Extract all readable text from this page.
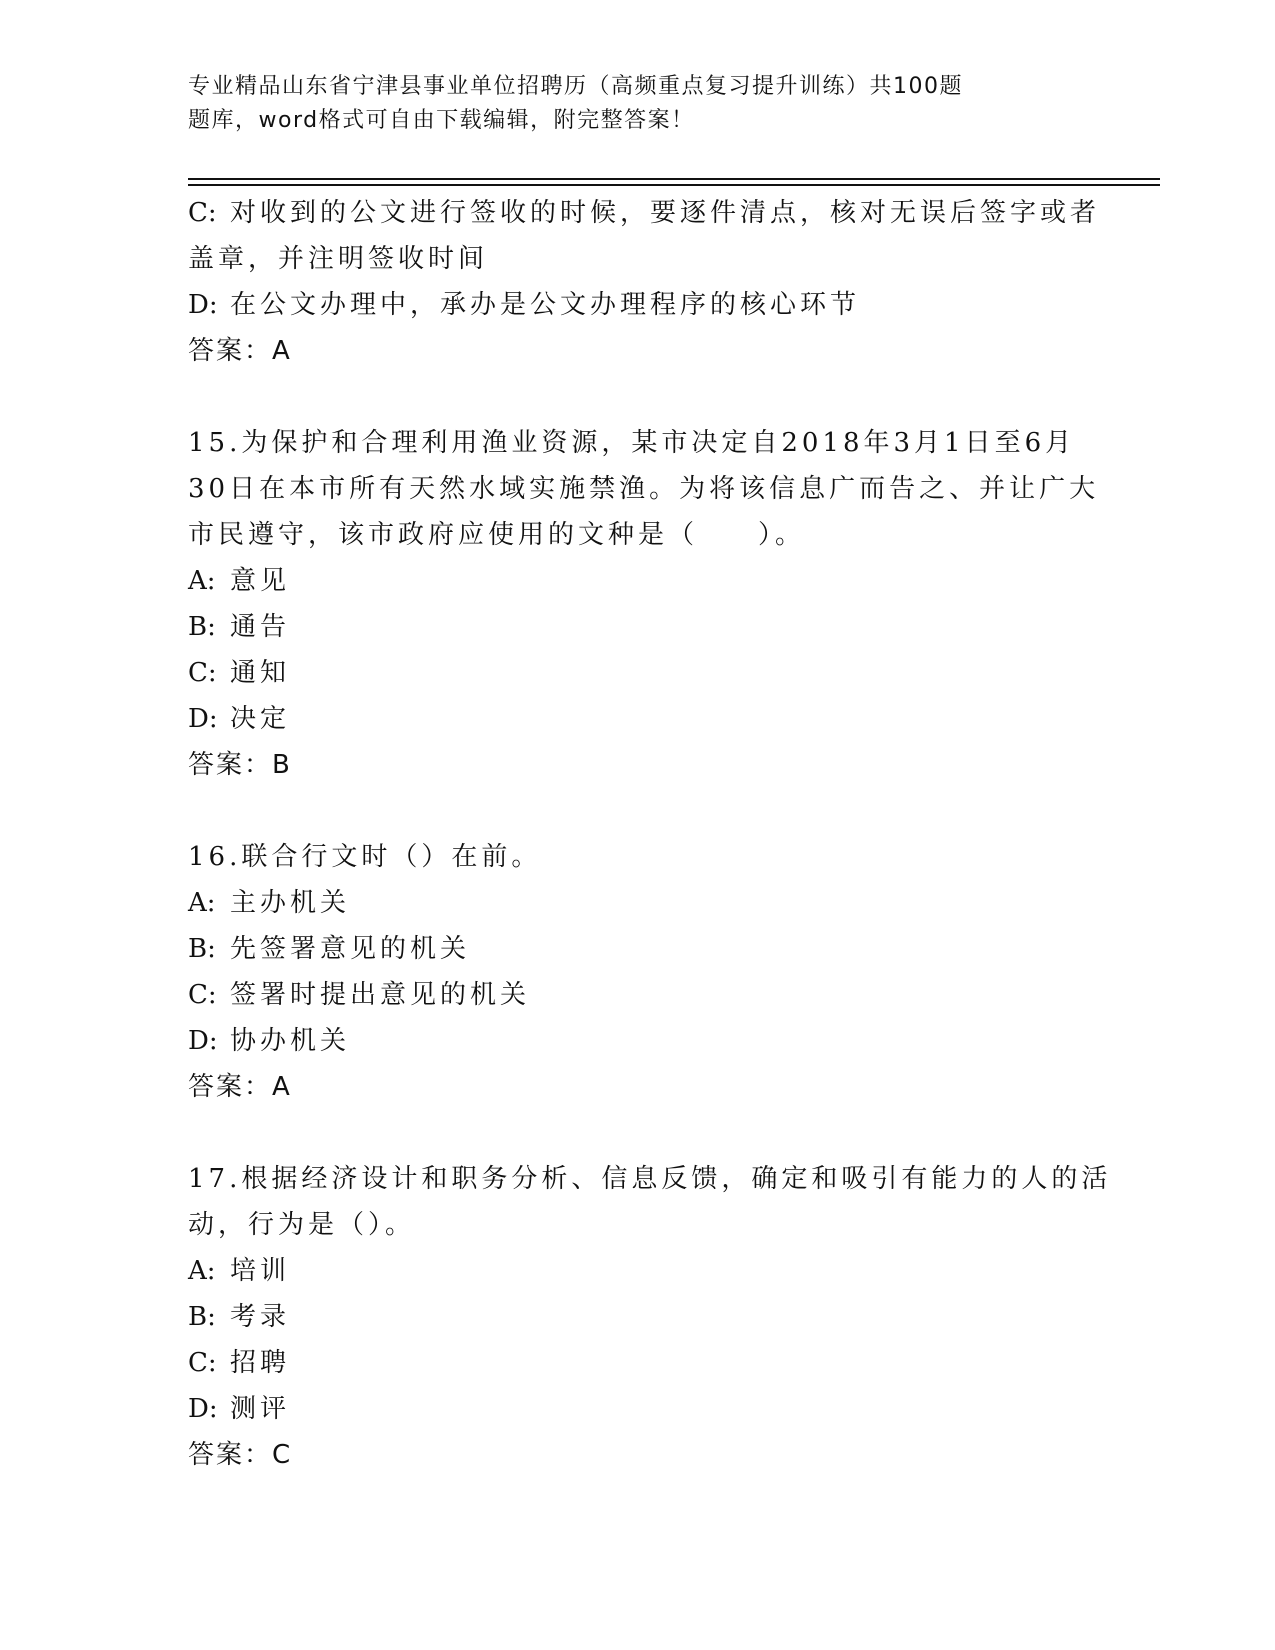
专业精品山东省宁津县事业单位招聘历（高频重点复习提升训练）共100题
题库，word格式可自由下载编辑，附完整答案！
C: 对收到的公文进行签收的时候，要逐件清点，核对无误后签字或者
盖章，并注明签收时间
D: 在公文办理中，承办是公文办理程序的核心环节
答案：A
15.为保护和合理利用渔业资源，某市决定自2018年3月1日至6月
30日在本市所有天然水域实施禁渔。为将该信息广而告之、并让广大
市民遵守，该市政府应使用的文种是（　　）。
A: 意见
B: 通告
C: 通知
D: 决定
答案：B
16.联合行文时（）在前。
A: 主办机关
B: 先签署意见的机关
C: 签署时提出意见的机关
D: 协办机关
答案：A
17.根据经济设计和职务分析、信息反馈，确定和吸引有能力的人的活
动，行为是（）。
A: 培训
B: 考录
C: 招聘
D: 测评
答案：C
